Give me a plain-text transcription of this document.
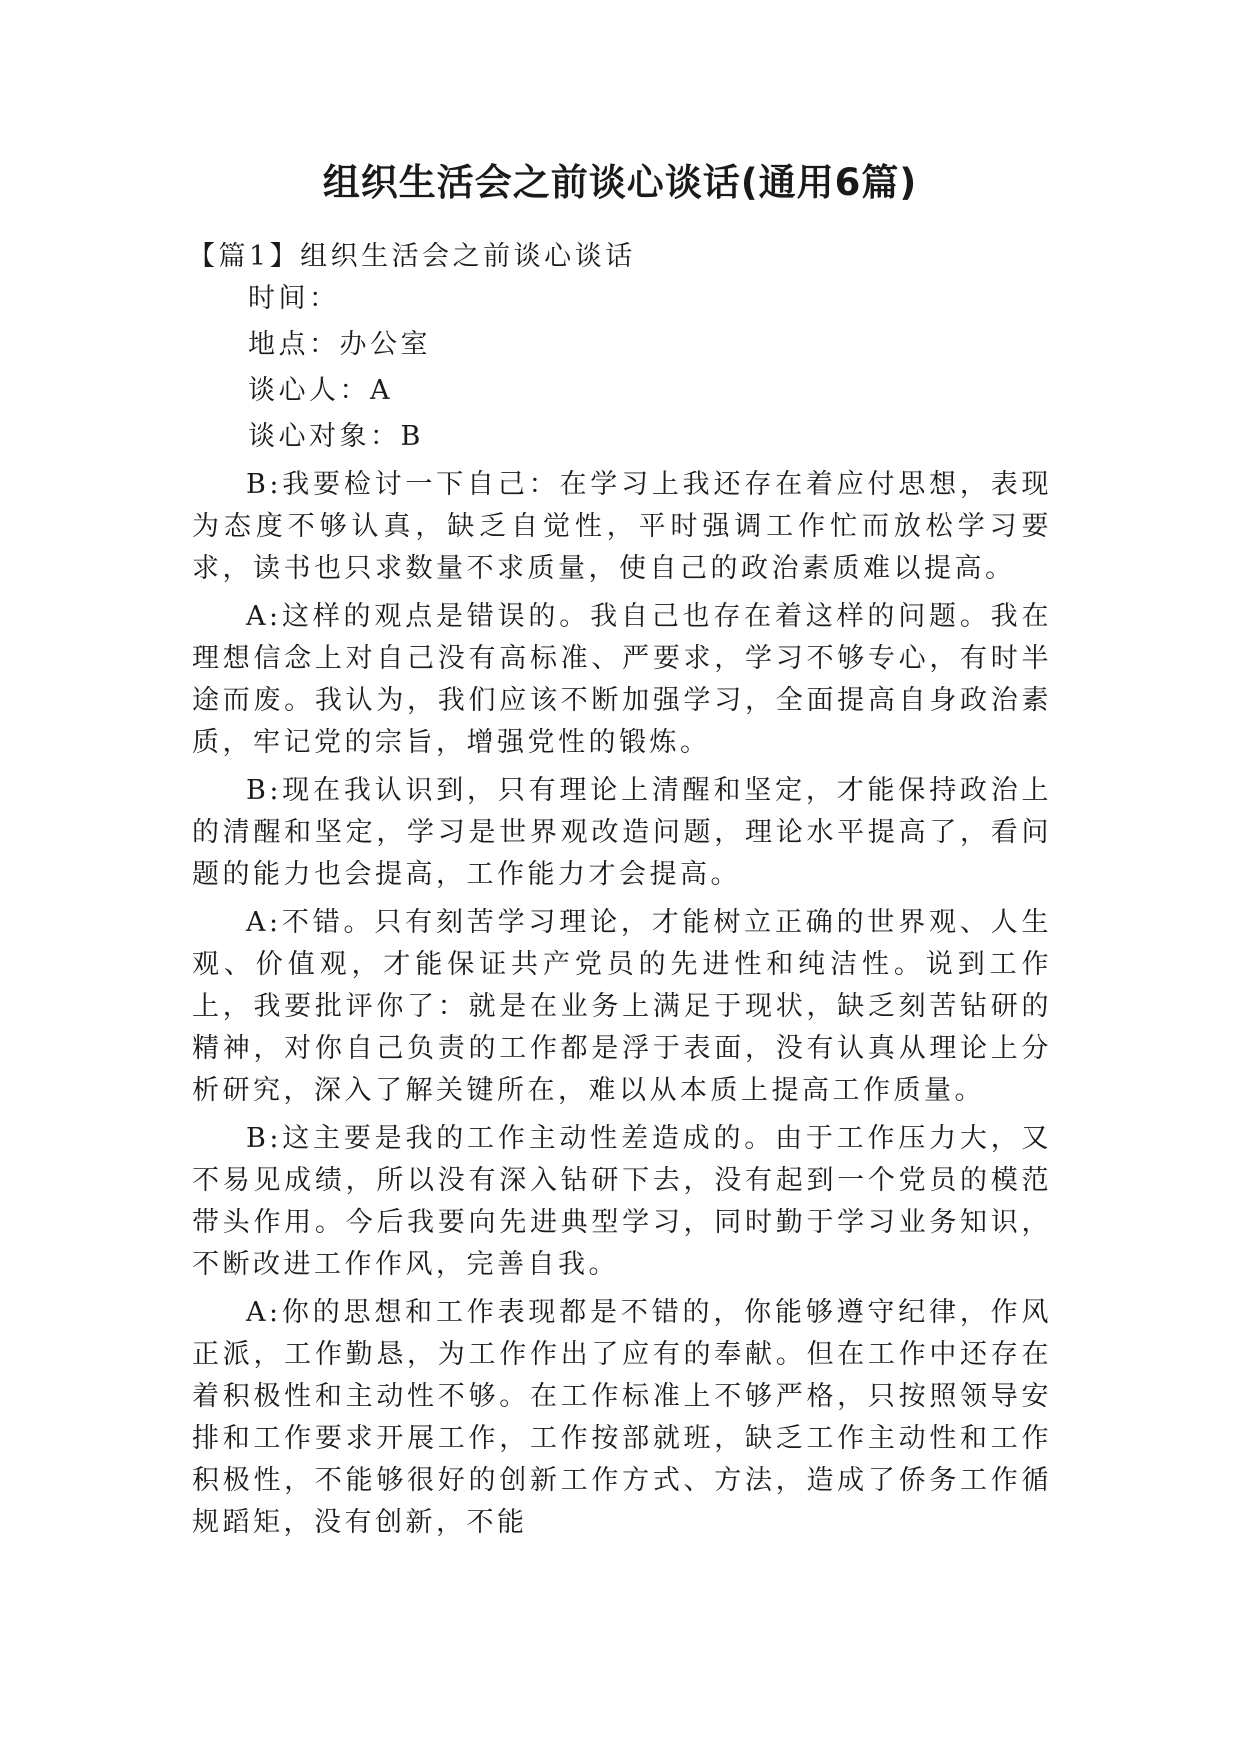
组织生活会之前谈心谈话(通用6篇)

【篇1】组织生活会之前谈心谈话

时间：

地点：办公室

谈心人：A

谈心对象：B

B:我要检讨一下自己：在学习上我还存在着应付思想，表现为态度不够认真，缺乏自觉性，平时强调工作忙而放松学习要求，读书也只求数量不求质量，使自己的政治素质难以提高。

A:这样的观点是错误的。我自己也存在着这样的问题。我在理想信念上对自己没有高标准、严要求，学习不够专心，有时半途而废。我认为，我们应该不断加强学习，全面提高自身政治素质，牢记党的宗旨，增强党性的锻炼。

B:现在我认识到，只有理论上清醒和坚定，才能保持政治上的清醒和坚定，学习是世界观改造问题，理论水平提高了，看问题的能力也会提高，工作能力才会提高。

A:不错。只有刻苦学习理论，才能树立正确的世界观、人生观、价值观，才能保证共产党员的先进性和纯洁性。说到工作上，我要批评你了：就是在业务上满足于现状，缺乏刻苦钻研的精神，对你自己负责的工作都是浮于表面，没有认真从理论上分析研究，深入了解关键所在，难以从本质上提高工作质量。

B:这主要是我的工作主动性差造成的。由于工作压力大，又不易见成绩，所以没有深入钻研下去，没有起到一个党员的模范带头作用。今后我要向先进典型学习，同时勤于学习业务知识，不断改进工作作风，完善自我。

A:你的思想和工作表现都是不错的，你能够遵守纪律，作风正派，工作勤恳，为工作作出了应有的奉献。但在工作中还存在着积极性和主动性不够。在工作标准上不够严格，只按照领导安排和工作要求开展工作，工作按部就班，缺乏工作主动性和工作积极性，不能够很好的创新工作方式、方法，造成了侨务工作循规蹈矩，没有创新，不能
